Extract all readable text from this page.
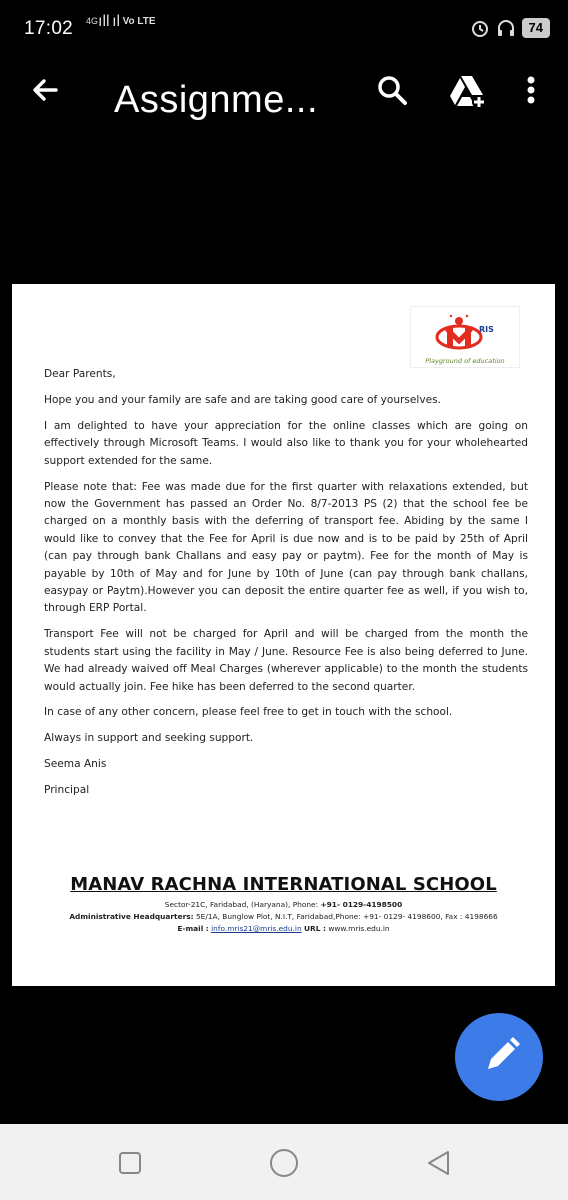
17:02 4Gıll ıl Vo LTE	74
Assignme...
RIS
Playground of education

Dear Parents,

Hope you and your family are safe and are taking good care of yourselves.

I am delighted to have your appreciation for the online classes which are going on effectively through Microsoft Teams. I would also like to thank you for your wholehearted support extended for the same.

Please note that: Fee was made due for the first quarter with relaxations extended, but now the Government has passed an Order No. 8/7-2013 PS (2) that the school fee be charged on a monthly basis with the deferring of transport fee. Abiding by the same I would like to convey that the Fee for April is due now and is to be paid by 25th of April (can pay through bank Challans and easy pay or paytm). Fee for the month of May is payable by 10th of May and for June by 10th of June (can pay through bank challans, easypay or Paytm).However you can deposit the entire quarter fee as well, if you wish to, through ERP Portal.

Transport Fee will not be charged for April and will be charged from the month the students start using the facility in May / June. Resource Fee is also being deferred to June. We had already waived off Meal Charges (wherever applicable) to the month the students would actually join. Fee hike has been deferred to the second quarter.

In case of any other concern, please feel free to get in touch with the school.

Always in support and seeking support.

Seema Anis

Principal

MANAV RACHNA INTERNATIONAL SCHOOL
Sector-21C, Faridabad, (Haryana), Phone: +91- 0129-4198500
Administrative Headquarters: 5E/1A, Bunglow Plot, N.I.T, Faridabad,Phone: +91- 0129- 4198600, Fax : 4198666
E-mail : info.mris21@mris.edu.in URL : www.mris.edu.in
